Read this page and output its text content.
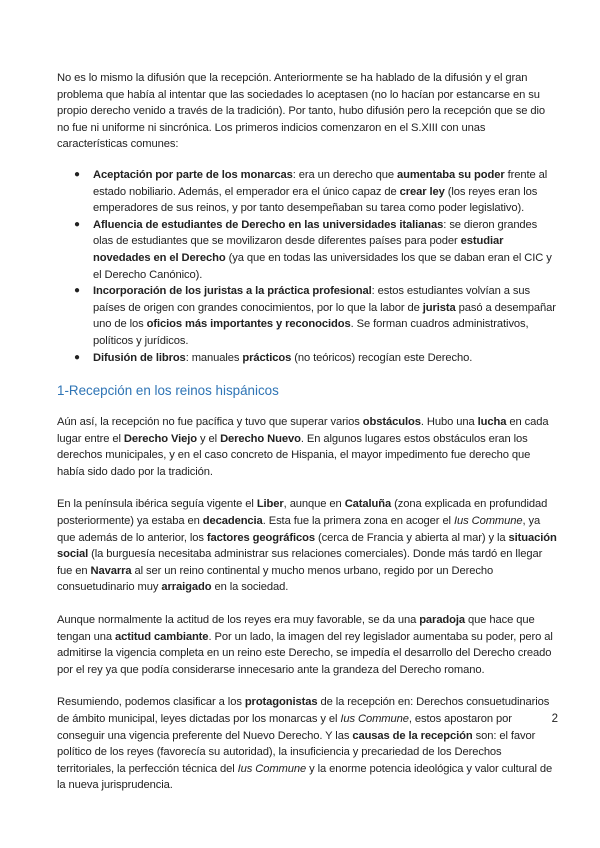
No es lo mismo la difusión que la recepción. Anteriormente se ha hablado de la difusión y el gran problema que había al intentar que las sociedades lo aceptasen (no lo hacían por estancarse en su propio derecho venido a través de la tradición). Por tanto, hubo difusión pero la recepción que se dio no fue ni uniforme ni sincrónica. Los primeros indicios comenzaron en el S.XIII con unas características comunes:

● Aceptación por parte de los monarcas: era un derecho que aumentaba su poder frente al estado nobiliario. Además, el emperador era el único capaz de crear ley (los reyes eran los emperadores de sus reinos, y por tanto desempeñaban su tarea como poder legislativo).
● Afluencia de estudiantes de Derecho en las universidades italianas: se dieron grandes olas de estudiantes que se movilizaron desde diferentes países para poder estudiar novedades en el Derecho (ya que en todas las universidades los que se daban eran el CIC y el Derecho Canónico).
● Incorporación de los juristas a la práctica profesional: estos estudiantes volvían a sus países de origen con grandes conocimientos, por lo que la labor de jurista pasó a desempañar uno de los oficios más importantes y reconocidos. Se forman cuadros administrativos, políticos y jurídicos.
● Difusión de libros: manuales prácticos (no teóricos) recogían este Derecho.
1-Recepción en los reinos hispánicos

Aún así, la recepción no fue pacífica y tuvo que superar varios obstáculos. Hubo una lucha en cada lugar entre el Derecho Viejo y el Derecho Nuevo. En algunos lugares estos obstáculos eran los derechos municipales, y en el caso concreto de Hispania, el mayor impedimento fue derecho que había sido dado por la tradición.

En la península ibérica seguía vigente el Liber, aunque en Cataluña (zona explicada en profundidad posteriormente) ya estaba en decadencia. Esta fue la primera zona en acoger el Ius Commune, ya que además de lo anterior, los factores geográficos (cerca de Francia y abierta al mar) y la situación social (la burguesía necesitaba administrar sus relaciones comerciales). Donde más tardó en llegar fue en Navarra al ser un reino continental y mucho menos urbano, regido por un Derecho consuetudinario muy arraigado en la sociedad.

Aunque normalmente la actitud de los reyes era muy favorable, se da una paradoja que hace que tengan una actitud cambiante. Por un lado, la imagen del rey legislador aumentaba su poder, pero al admitirse la vigencia completa en un reino este Derecho, se impedía el desarrollo del Derecho creado por el rey ya que podía considerarse innecesario ante la grandeza del Derecho romano.

Resumiendo, podemos clasificar a los protagonistas de la recepción en: Derechos consuetudinarios de ámbito municipal, leyes dictadas por los monarcas y el Ius Commune, estos apostaron por conseguir una vigencia preferente del Nuevo Derecho. Y las causas de la recepción son: el favor político de los reyes (favorecía su autoridad), la insuficiencia y precariedad de los Derechos territoriales, la perfección técnica del Ius Commune y la enorme potencia ideológica y valor cultural de la nueva jurisprudencia.

2
